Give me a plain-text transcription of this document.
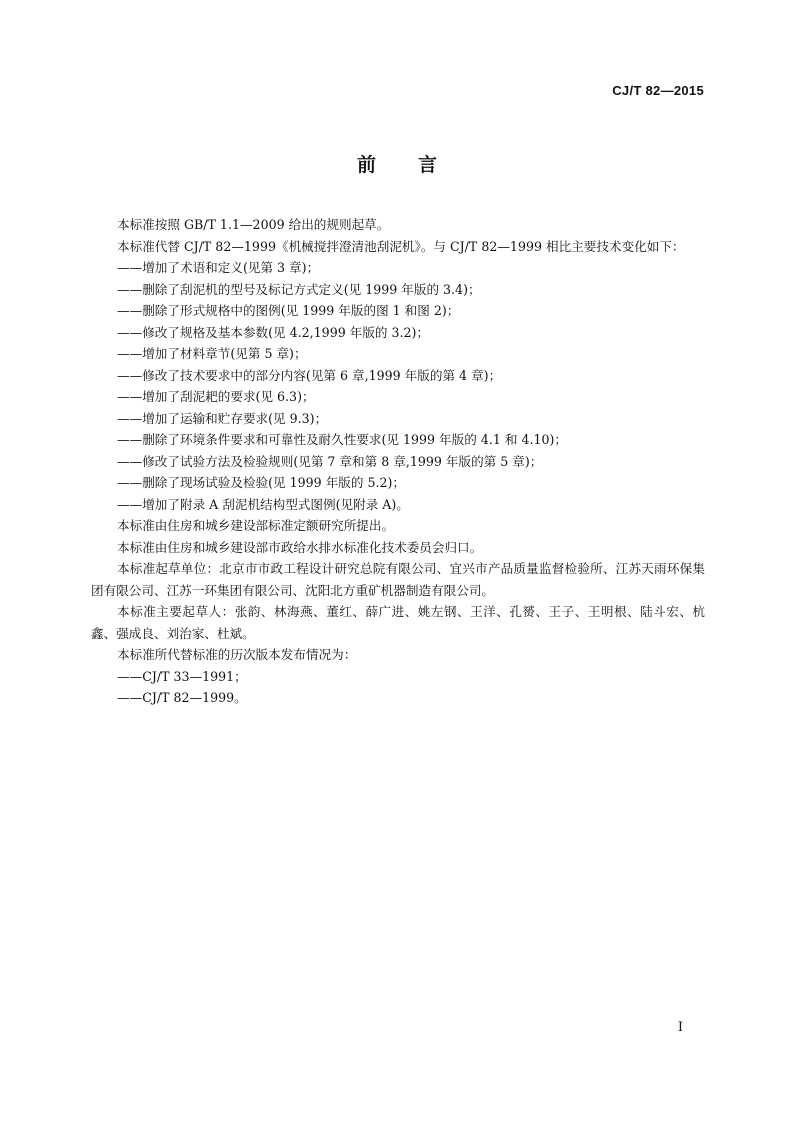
CJ/T 82—2015
前言

本标准按照 GB/T 1.1—2009 给出的规则起草。

本标准代替 CJ/T 82—1999《机械搅拌澄清池刮泥机》。与 CJ/T 82—1999 相比主要技术变化如下：

——增加了术语和定义(见第 3 章)；

——删除了刮泥机的型号及标记方式定义(见 1999 年版的 3.4)；

——删除了形式规格中的图例(见 1999 年版的图 1 和图 2)；

——修改了规格及基本参数(见 4.2,1999 年版的 3.2)；

——增加了材料章节(见第 5 章)；

——修改了技术要求中的部分内容(见第 6 章,1999 年版的第 4 章)；

——增加了刮泥耙的要求(见 6.3)；

——增加了运输和贮存要求(见 9.3)；

——删除了环境条件要求和可靠性及耐久性要求(见 1999 年版的 4.1 和 4.10)；

——修改了试验方法及检验规则(见第 7 章和第 8 章,1999 年版的第 5 章)；

——删除了现场试验及检验(见 1999 年版的 5.2)；

——增加了附录 A 刮泥机结构型式图例(见附录 A)。

本标准由住房和城乡建设部标准定额研究所提出。

本标准由住房和城乡建设部市政给水排水标准化技术委员会归口。

本标准起草单位：北京市市政工程设计研究总院有限公司、宜兴市产品质量监督检验所、江苏天雨环保集团有限公司、江苏一环集团有限公司、沈阳北方重矿机器制造有限公司。

本标准主要起草人：张韵、林海燕、董红、薛广进、姚左钢、王洋、孔赟、王子、王明根、陆斗宏、杭鑫、强成良、刘治家、杜斌。

本标准所代替标准的历次版本发布情况为：

——CJ/T 33—1991；

——CJ/T 82—1999。

I
